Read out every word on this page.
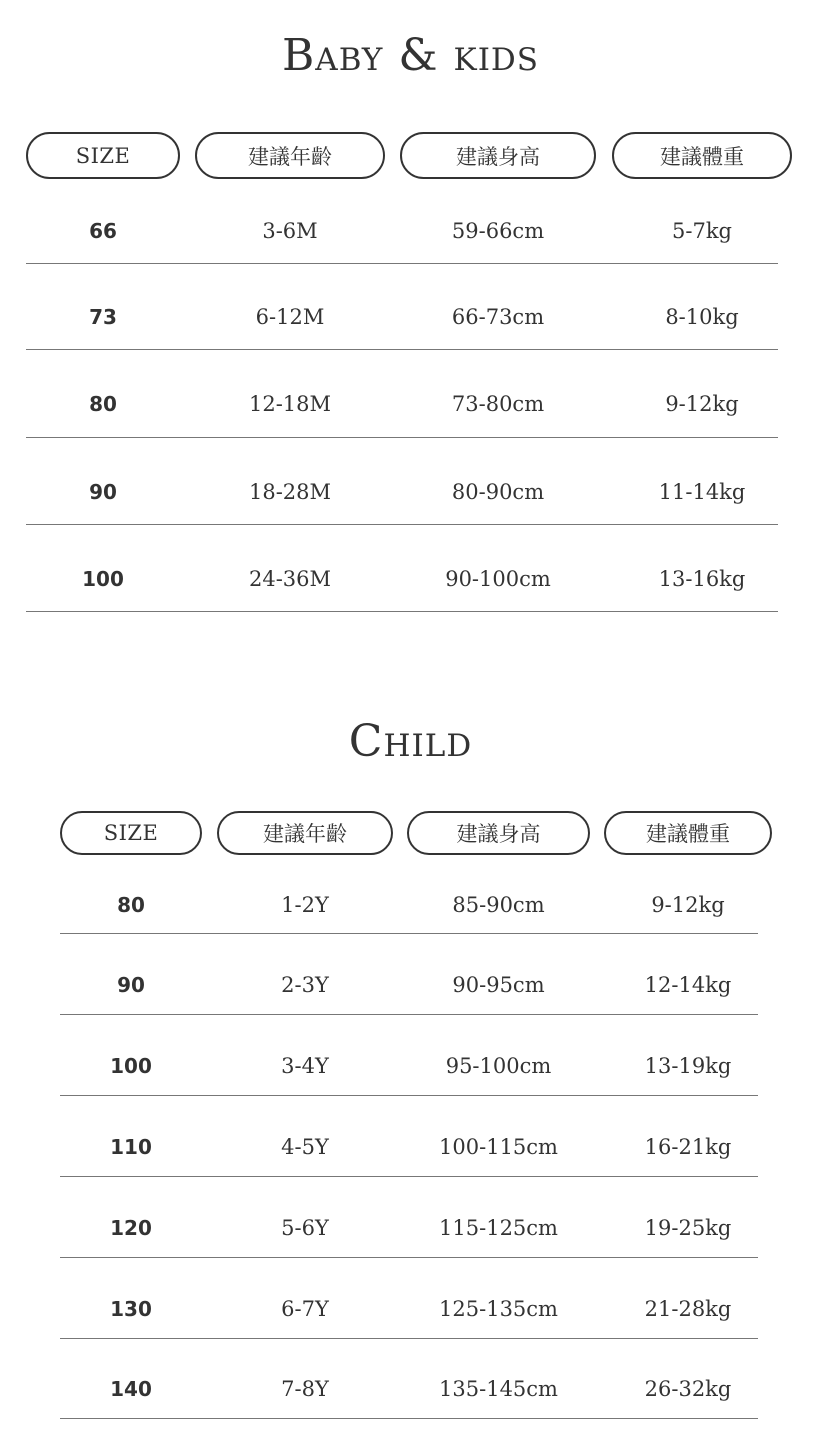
Baby & kids
SIZE	建議年齡	建議身高	建議體重
66	3-6M	59-66cm	5-7kg
73	6-12M	66-73cm	8-10kg
80	12-18M	73-80cm	9-12kg
90	18-28M	80-90cm	11-14kg
100	24-36M	90-100cm	13-16kg
Child
SIZE	建議年齡	建議身高	建議體重
80	1-2Y	85-90cm	9-12kg
90	2-3Y	90-95cm	12-14kg
100	3-4Y	95-100cm	13-19kg
110	4-5Y	100-115cm	16-21kg
120	5-6Y	115-125cm	19-25kg
130	6-7Y	125-135cm	21-28kg
140	7-8Y	135-145cm	26-32kg
